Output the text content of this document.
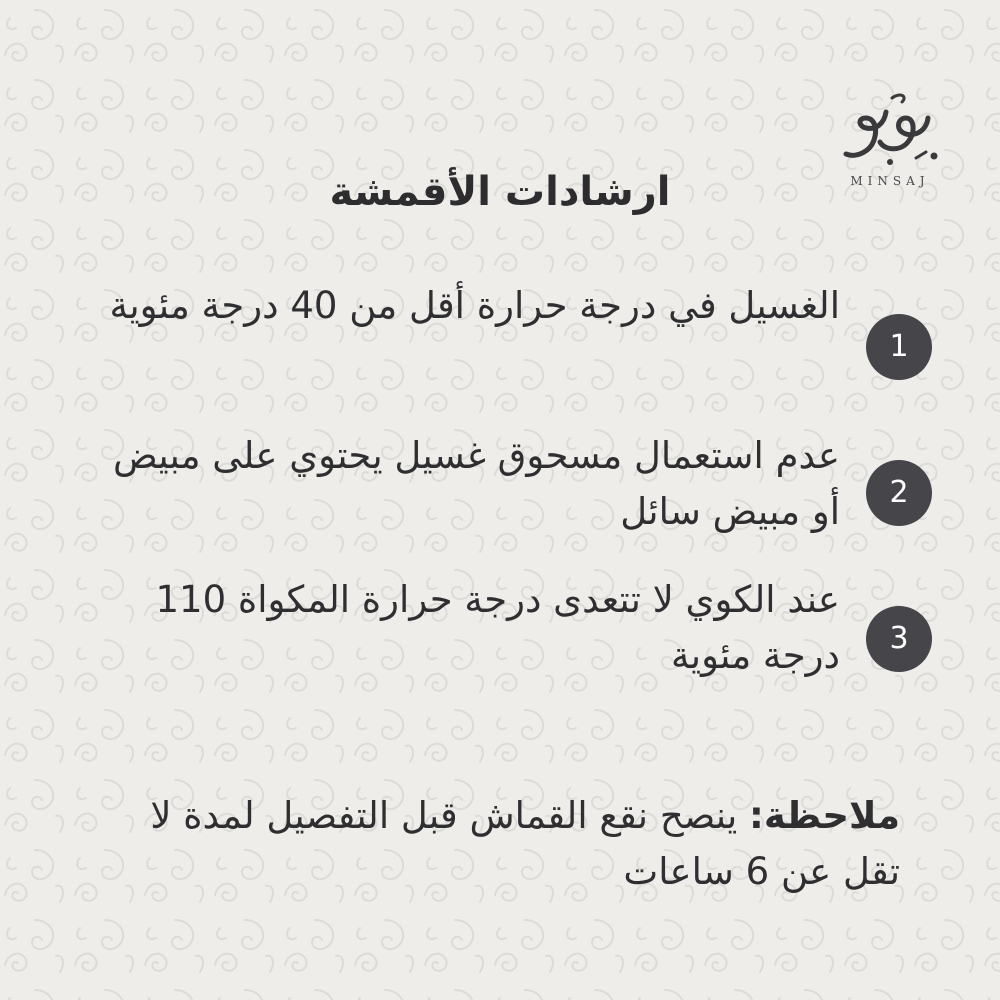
MINSAJ
ارشادات الأقمشة
1
الغسيل في درجة حرارة أقل من 40 درجة مئوية
2
عدم استعمال مسحوق غسيل يحتوي على مبيض أو مبيض سائل
3
عند الكوي لا تتعدى درجة حرارة المكواة 110 درجة مئوية
ملاحظة: ينصح نقع القماش قبل التفصيل لمدة لا تقل عن 6 ساعات
